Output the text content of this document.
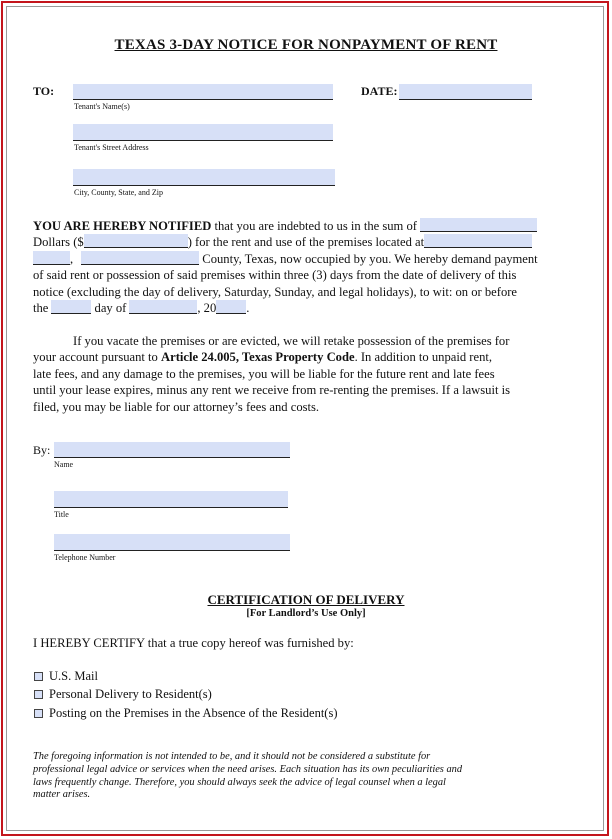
TEXAS 3-DAY NOTICE FOR NONPAYMENT OF RENT
TO:
Tenant's Name(s)
DATE:
Tenant's Street Address
City, County, State, and Zip
YOU ARE HEREBY NOTIFIED that you are indebted to us in the sum of
Dollars ($	) for the rent and use of the premises located at
,	County, Texas, now occupied by you. We hereby demand payment
of said rent or possession of said premises within three (3) days from the date of delivery of this
notice (excluding the day of delivery, Saturday, Sunday, and legal holidays), to wit: on or before
the	day of	, 20 .
If you vacate the premises or are evicted, we will retake possession of the premises for
your account pursuant to Article 24.005, Texas Property Code. In addition to unpaid rent,
late fees, and any damage to the premises, you will be liable for the future rent and late fees
until your lease expires, minus any rent we receive from re-renting the premises. If a lawsuit is
filed, you may be liable for our attorney’s fees and costs.
By:
Name
Title
Telephone Number
CERTIFICATION OF DELIVERY
[For Landlord’s Use Only]
I HEREBY CERTIFY that a true copy hereof was furnished by:
U.S. Mail
Personal Delivery to Resident(s)
Posting on the Premises in the Absence of the Resident(s)
The foregoing information is not intended to be, and it should not be considered a substitute for
professional legal advice or services when the need arises. Each situation has its own peculiarities and
laws frequently change. Therefore, you should always seek the advice of legal counsel when a legal
matter arises.
